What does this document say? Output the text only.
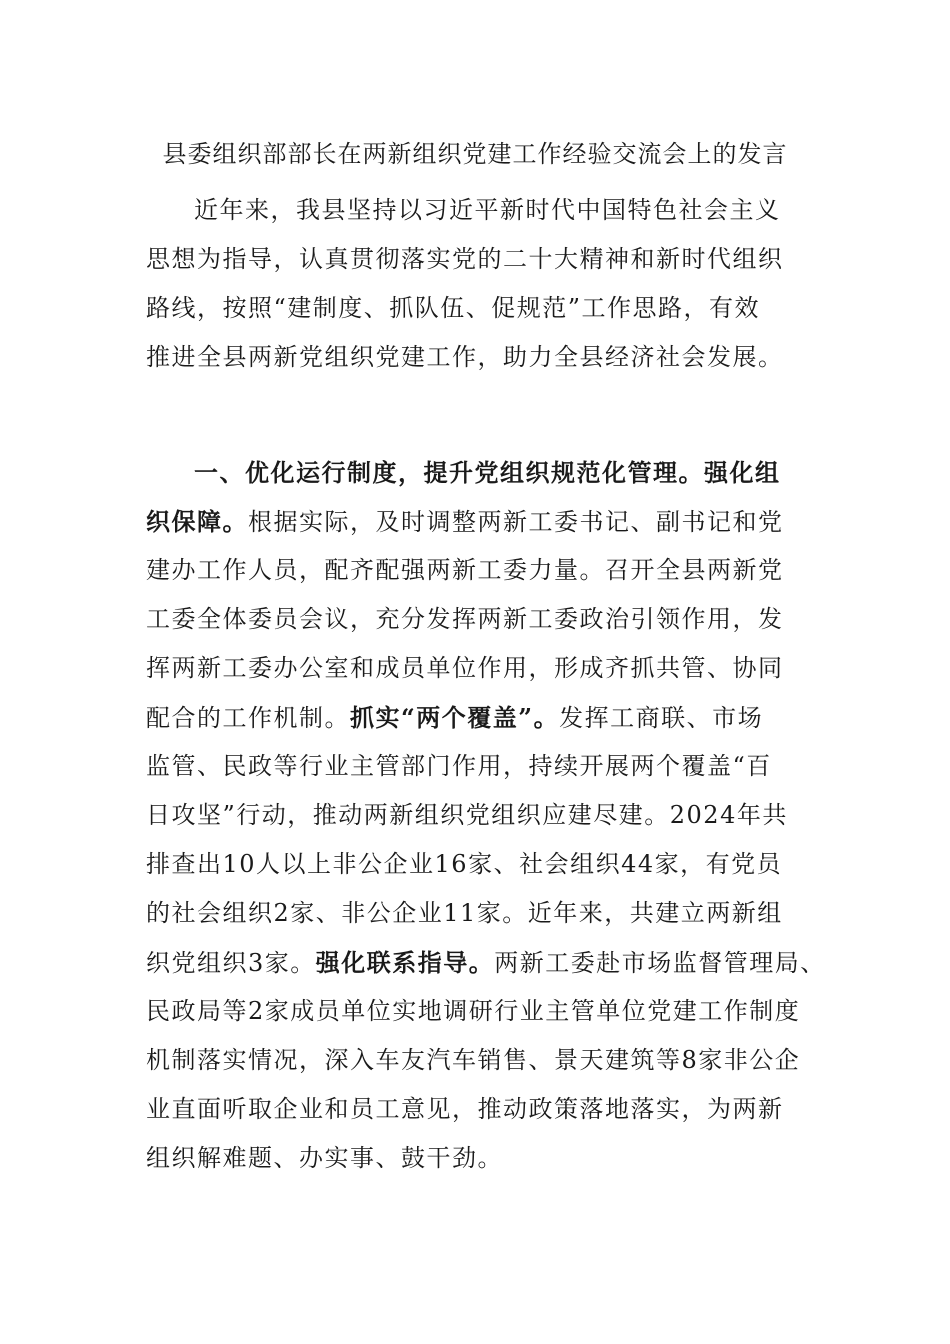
县委组织部部长在两新组织党建工作经验交流会上的发言
近年来，我县坚持以习近平新时代中国特色社会主义
思想为指导，认真贯彻落实党的二十大精神和新时代组织
路线，按照“建制度、抓队伍、促规范”工作思路，有效
推进全县两新党组织党建工作，助力全县经济社会发展。
一、优化运行制度，提升党组织规范化管理。强化组
织保障。根据实际，及时调整两新工委书记、副书记和党
建办工作人员，配齐配强两新工委力量。召开全县两新党
工委全体委员会议，充分发挥两新工委政治引领作用，发
挥两新工委办公室和成员单位作用，形成齐抓共管、协同
配合的工作机制。抓实“两个覆盖”。发挥工商联、市场
监管、民政等行业主管部门作用，持续开展两个覆盖“百
日攻坚”行动，推动两新组织党组织应建尽建。2024年共
排查出10人以上非公企业16家、社会组织44家，有党员
的社会组织2家、非公企业11家。近年来，共建立两新组
织党组织3家。强化联系指导。两新工委赴市场监督管理局、
民政局等2家成员单位实地调研行业主管单位党建工作制度
机制落实情况，深入车友汽车销售、景天建筑等8家非公企
业直面听取企业和员工意见，推动政策落地落实，为两新
组织解难题、办实事、鼓干劲。
